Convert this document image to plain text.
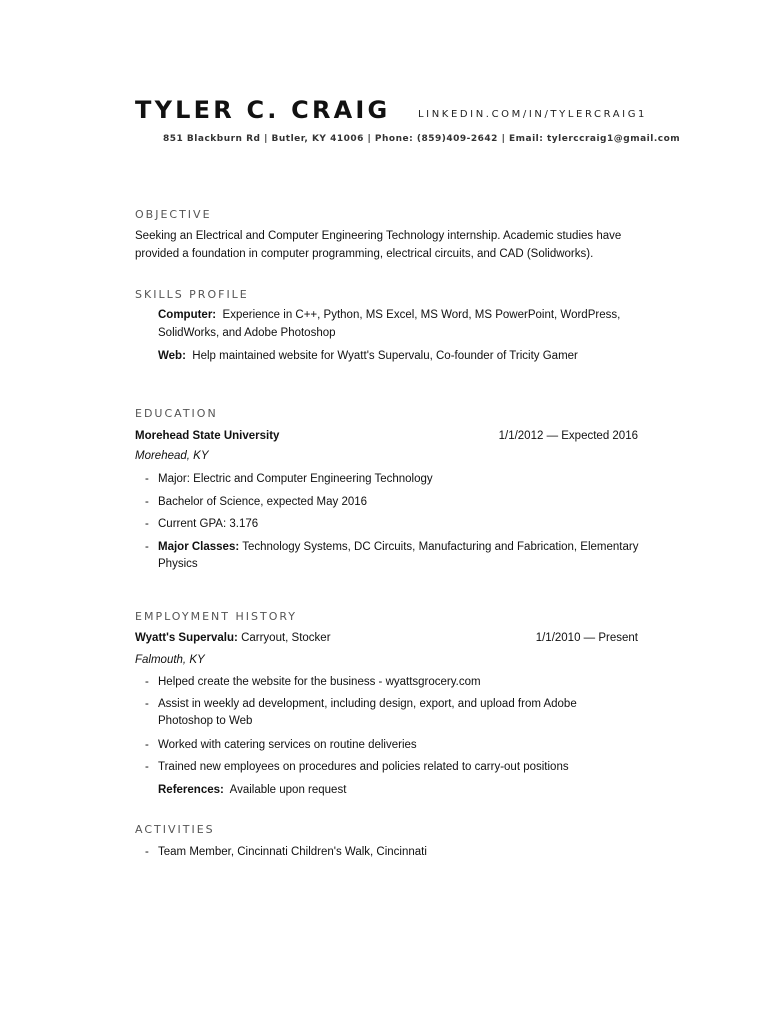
TYLER C. CRAIG	LINKEDIN.COM/IN/TYLERCRAIG1
851 Blackburn Rd | Butler, KY 41006 | Phone: (859)409-2642 | Email: tylerccraig1@gmail.com
OBJECTIVE
Seeking an Electrical and Computer Engineering Technology internship. Academic studies have
provided a foundation in computer programming, electrical circuits, and CAD (Solidworks).
SKILLS PROFILE
Computer: Experience in C++, Python, MS Excel, MS Word, MS PowerPoint, WordPress,
SolidWorks, and Adobe Photoshop
Web: Help maintained website for Wyatt's Supervalu, Co-founder of Tricity Gamer
EDUCATION
Morehead State University	1/1/2012 — Expected 2016
Morehead, KY
- Major: Electric and Computer Engineering Technology
- Bachelor of Science, expected May 2016
- Current GPA: 3.176
- Major Classes: Technology Systems, DC Circuits, Manufacturing and Fabrication, Elementary
Physics
EMPLOYMENT HISTORY
Wyatt's Supervalu: Carryout, Stocker	1/1/2010 — Present
Falmouth, KY
- Helped create the website for the business - wyattsgrocery.com
- Assist in weekly ad development, including design, export, and upload from Adobe
Photoshop to Web
- Worked with catering services on routine deliveries
- Trained new employees on procedures and policies related to carry-out positions
References: Available upon request
ACTIVITIES
- Team Member, Cincinnati Children's Walk, Cincinnati
